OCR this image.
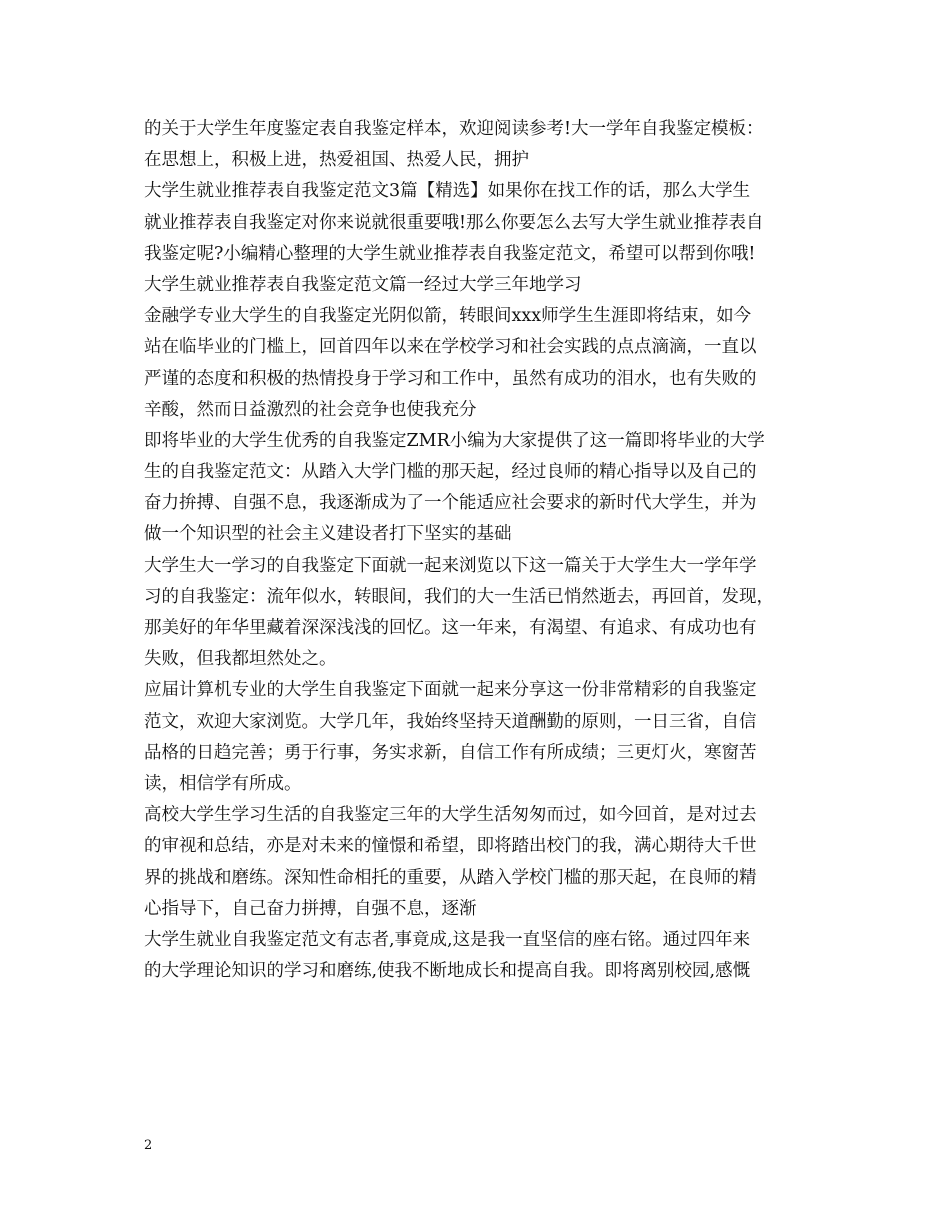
的关于大学生年度鉴定表自我鉴定样本，欢迎阅读参考!大一学年自我鉴定模板：
在思想上，积极上进，热爱祖国、热爱人民，拥护
大学生就业推荐表自我鉴定范文3篇【精选】如果你在找工作的话，那么大学生
就业推荐表自我鉴定对你来说就很重要哦!那么你要怎么去写大学生就业推荐表自
我鉴定呢?小编精心整理的大学生就业推荐表自我鉴定范文，希望可以帮到你哦!
大学生就业推荐表自我鉴定范文篇一经过大学三年地学习
金融学专业大学生的自我鉴定光阴似箭，转眼间xxx师学生生涯即将结束，如今
站在临毕业的门槛上，回首四年以来在学校学习和社会实践的点点滴滴，一直以
严谨的态度和积极的热情投身于学习和工作中，虽然有成功的泪水，也有失败的
辛酸，然而日益激烈的社会竞争也使我充分
即将毕业的大学生优秀的自我鉴定ZMR小编为大家提供了这一篇即将毕业的大学
生的自我鉴定范文：从踏入大学门槛的那天起，经过良师的精心指导以及自己的
奋力拚搏、自强不息，我逐渐成为了一个能适应社会要求的新时代大学生，并为
做一个知识型的社会主义建设者打下坚实的基础
大学生大一学习的自我鉴定下面就一起来浏览以下这一篇关于大学生大一学年学
习的自我鉴定：流年似水，转眼间，我们的大一生活已悄然逝去，再回首，发现，
那美好的年华里藏着深深浅浅的回忆。这一年来，有渴望、有追求、有成功也有
失败，但我都坦然处之。
应届计算机专业的大学生自我鉴定下面就一起来分享这一份非常精彩的自我鉴定
范文，欢迎大家浏览。大学几年，我始终坚持天道酬勤的原则，一日三省，自信
品格的日趋完善；勇于行事，务实求新，自信工作有所成绩；三更灯火，寒窗苦
读，相信学有所成。
高校大学生学习生活的自我鉴定三年的大学生活匆匆而过，如今回首，是对过去
的审视和总结，亦是对未来的憧憬和希望，即将踏出校门的我，满心期待大千世
界的挑战和磨练。深知性命相托的重要，从踏入学校门槛的那天起，在良师的精
心指导下，自己奋力拼搏，自强不息，逐渐
大学生就业自我鉴定范文有志者,事竟成,这是我一直坚信的座右铭。通过四年来
的大学理论知识的学习和磨练,使我不断地成长和提高自我。即将离别校园,感慨
2
